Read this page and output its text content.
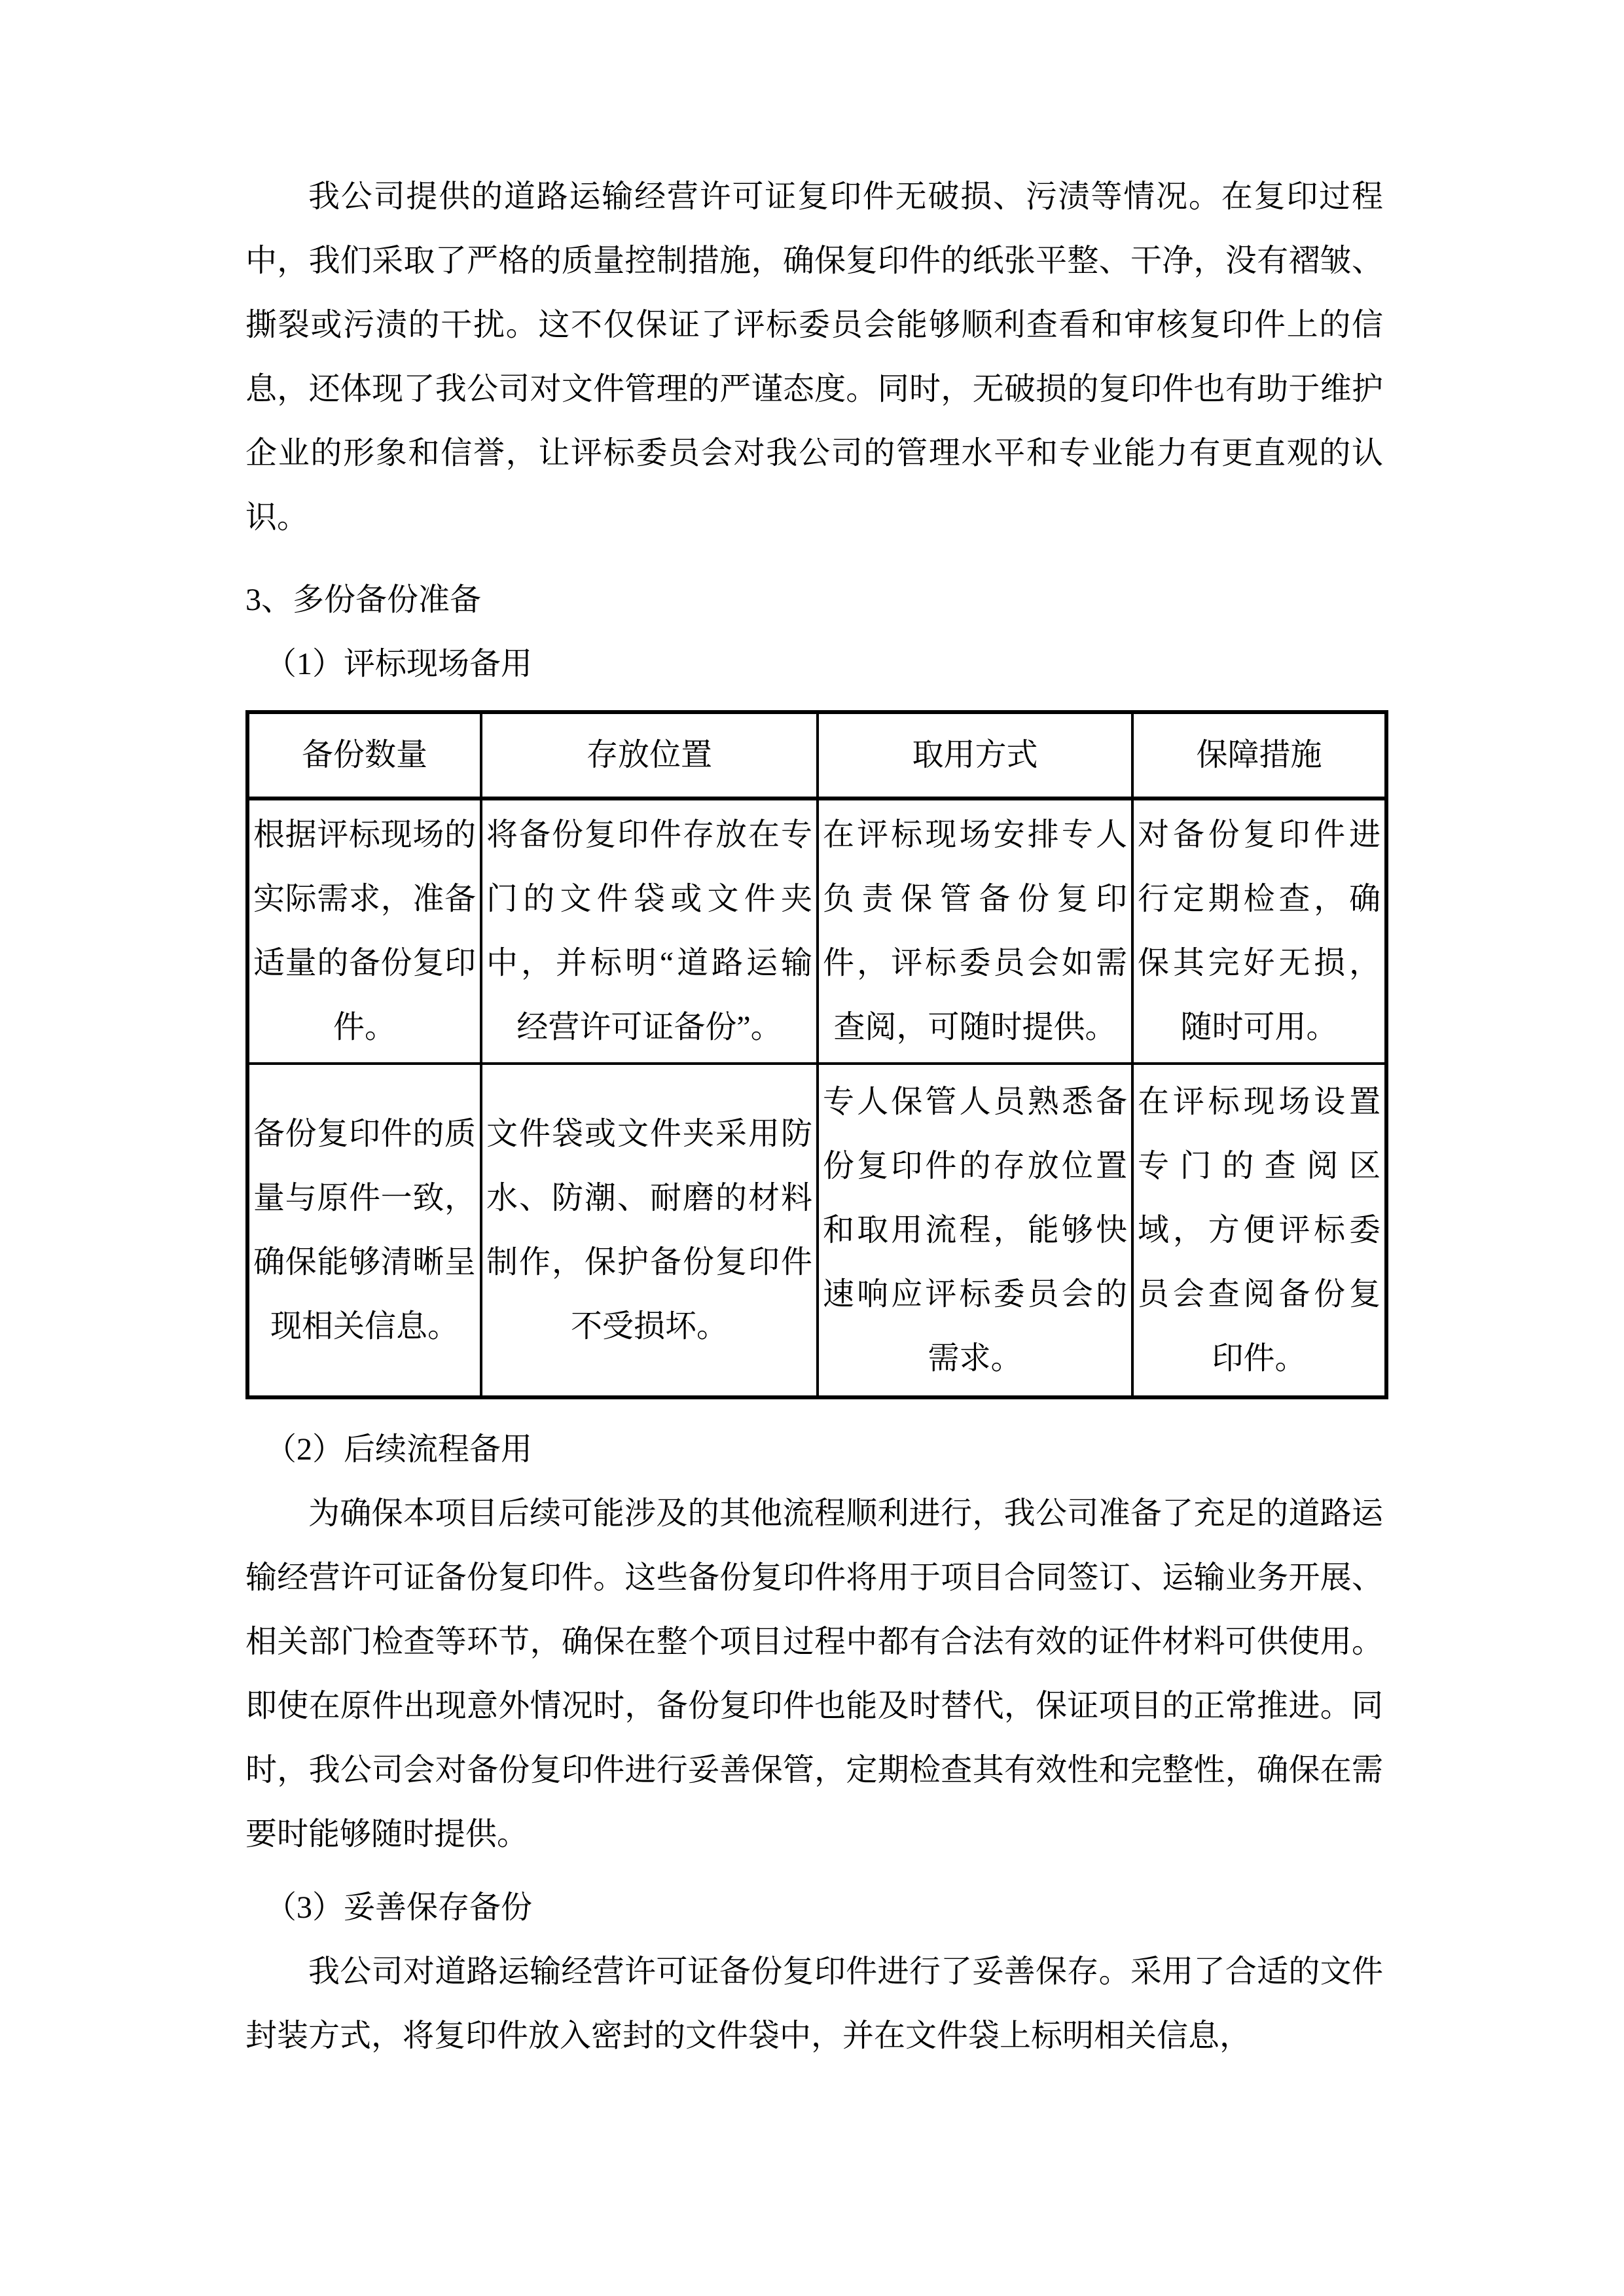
我公司提供的道路运输经营许可证复印件无破损、污渍等情况。在复印过程中，我们采取了严格的质量控制措施，确保复印件的纸张平整、干净，没有褶皱、撕裂或污渍的干扰。这不仅保证了评标委员会能够顺利查看和审核复印件上的信息，还体现了我公司对文件管理的严谨态度。同时，无破损的复印件也有助于维护企业的形象和信誉，让评标委员会对我公司的管理水平和专业能力有更直观的认识。

3、多份备份准备
（1）评标现场备用
备份数量	存放位置	取用方式	保障措施
根据评标现场的实际需求，准备适量的备份复印件。	将备份复印件存放在专门的文件袋或文件夹中，并标明“道路运输经营许可证备份”。	在评标现场安排专人负责保管备份复印件，评标委员会如需查阅，可随时提供。	对备份复印件进行定期检查，确保其完好无损，随时可用。
备份复印件的质量与原件一致，确保能够清晰呈现相关信息。	文件袋或文件夹采用防水、防潮、耐磨的材料制作，保护备份复印件不受损坏。	专人保管人员熟悉备份复印件的存放位置和取用流程，能够快速响应评标委员会的需求。	在评标现场设置专门的查阅区域，方便评标委员会查阅备份复印件。
（2）后续流程备用

为确保本项目后续可能涉及的其他流程顺利进行，我公司准备了充足的道路运输经营许可证备份复印件。这些备份复印件将用于项目合同签订、运输业务开展、相关部门检查等环节，确保在整个项目过程中都有合法有效的证件材料可供使用。即使在原件出现意外情况时，备份复印件也能及时替代，保证项目的正常推进。同时，我公司会对备份复印件进行妥善保管，定期检查其有效性和完整性，确保在需要时能够随时提供。

（3）妥善保存备份

我公司对道路运输经营许可证备份复印件进行了妥善保存。采用了合适的文件封装方式，将复印件放入密封的文件袋中，并在文件袋上标明相关信息，
